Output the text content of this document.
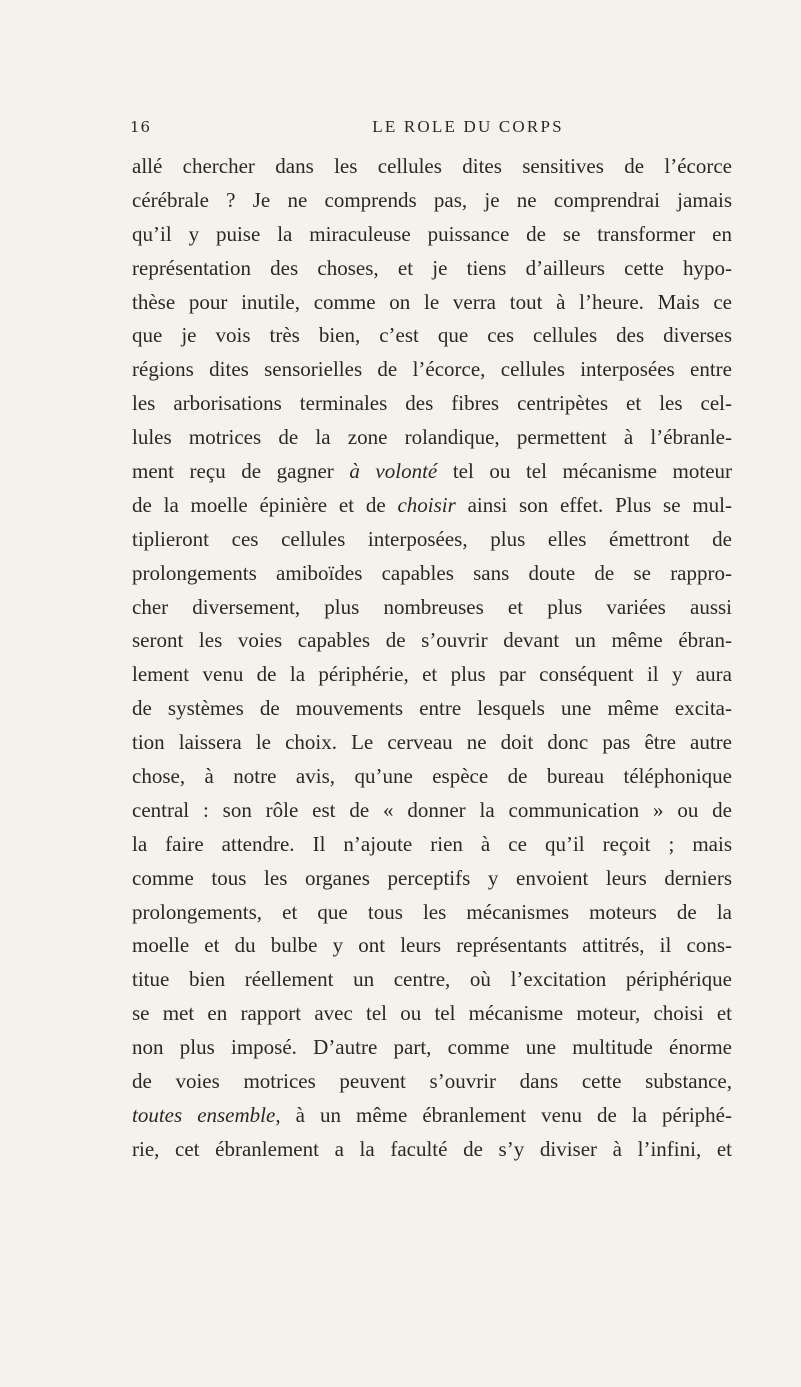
16	LE ROLE DU CORPS
allé chercher dans les cellules dites sensitives de l’écorce
cérébrale ? Je ne comprends pas, je ne comprendrai jamais
qu’il y puise la miraculeuse puissance de se transformer en
représentation des choses, et je tiens d’ailleurs cette hypo-
thèse pour inutile, comme on le verra tout à l’heure. Mais ce
que je vois très bien, c’est que ces cellules des diverses
régions dites sensorielles de l’écorce, cellules interposées entre
les arborisations terminales des fibres centripètes et les cel-
lules motrices de la zone rolandique, permettent à l’ébranle-
ment reçu de gagner à volonté tel ou tel mécanisme moteur
de la moelle épinière et de choisir ainsi son effet. Plus se mul-
tiplieront ces cellules interposées, plus elles émettront de
prolongements amiboïdes capables sans doute de se rappro-
cher diversement, plus nombreuses et plus variées aussi
seront les voies capables de s’ouvrir devant un même ébran-
lement venu de la périphérie, et plus par conséquent il y aura
de systèmes de mouvements entre lesquels une même excita-
tion laissera le choix. Le cerveau ne doit donc pas être autre
chose, à notre avis, qu’une espèce de bureau téléphonique
central : son rôle est de « donner la communication » ou de
la faire attendre. Il n’ajoute rien à ce qu’il reçoit ; mais
comme tous les organes perceptifs y envoient leurs derniers
prolongements, et que tous les mécanismes moteurs de la
moelle et du bulbe y ont leurs représentants attitrés, il cons-
titue bien réellement un centre, où l’excitation périphérique
se met en rapport avec tel ou tel mécanisme moteur, choisi et
non plus imposé. D’autre part, comme une multitude énorme
de voies motrices peuvent s’ouvrir dans cette substance,
toutes ensemble, à un même ébranlement venu de la périphé-
rie, cet ébranlement a la faculté de s’y diviser à l’infini, et
